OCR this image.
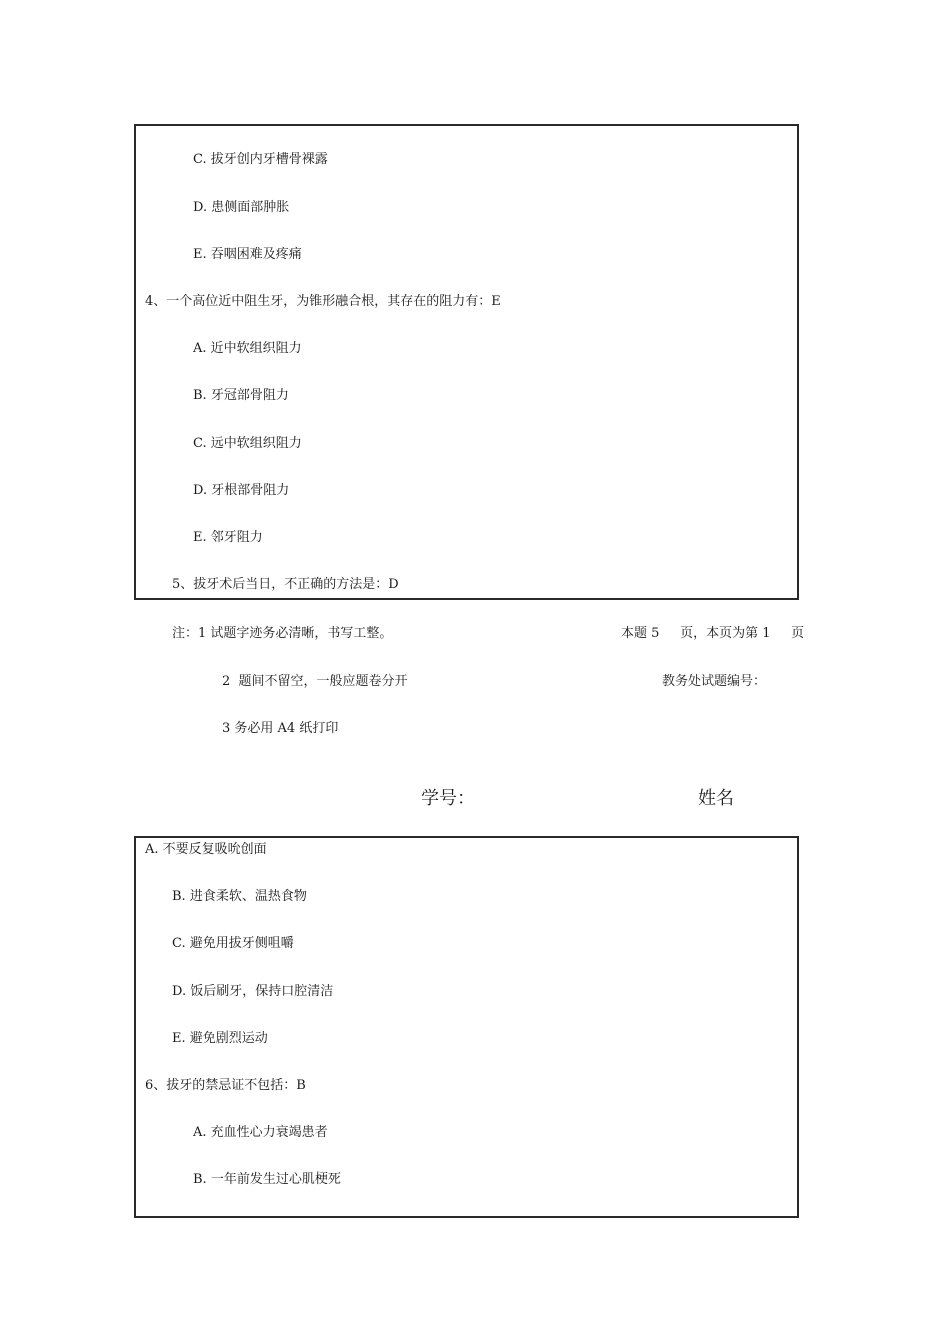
C. 拔牙创内牙槽骨裸露
D. 患侧面部肿胀
E. 吞咽困难及疼痛
4、一个高位近中阻生牙，为锥形融合根，其存在的阻力有：E
A. 近中软组织阻力
B. 牙冠部骨阻力
C. 远中软组织阻力
D. 牙根部骨阻力
E. 邻牙阻力
5、拔牙术后当日，不正确的方法是：D
注：1 试题字迹务必清晰，书写工整。	本题 5     页，本页为第 1     页
2  题间不留空，一般应题卷分开	教务处试题编号：
3 务必用 A4 纸打印
学号：	姓名
A. 不要反复吸吮创面
B. 进食柔软、温热食物
C. 避免用拔牙侧咀嚼
D. 饭后刷牙，保持口腔清洁
E. 避免剧烈运动
6、拔牙的禁忌证不包括：B
A. 充血性心力衰竭患者
B. 一年前发生过心肌梗死
